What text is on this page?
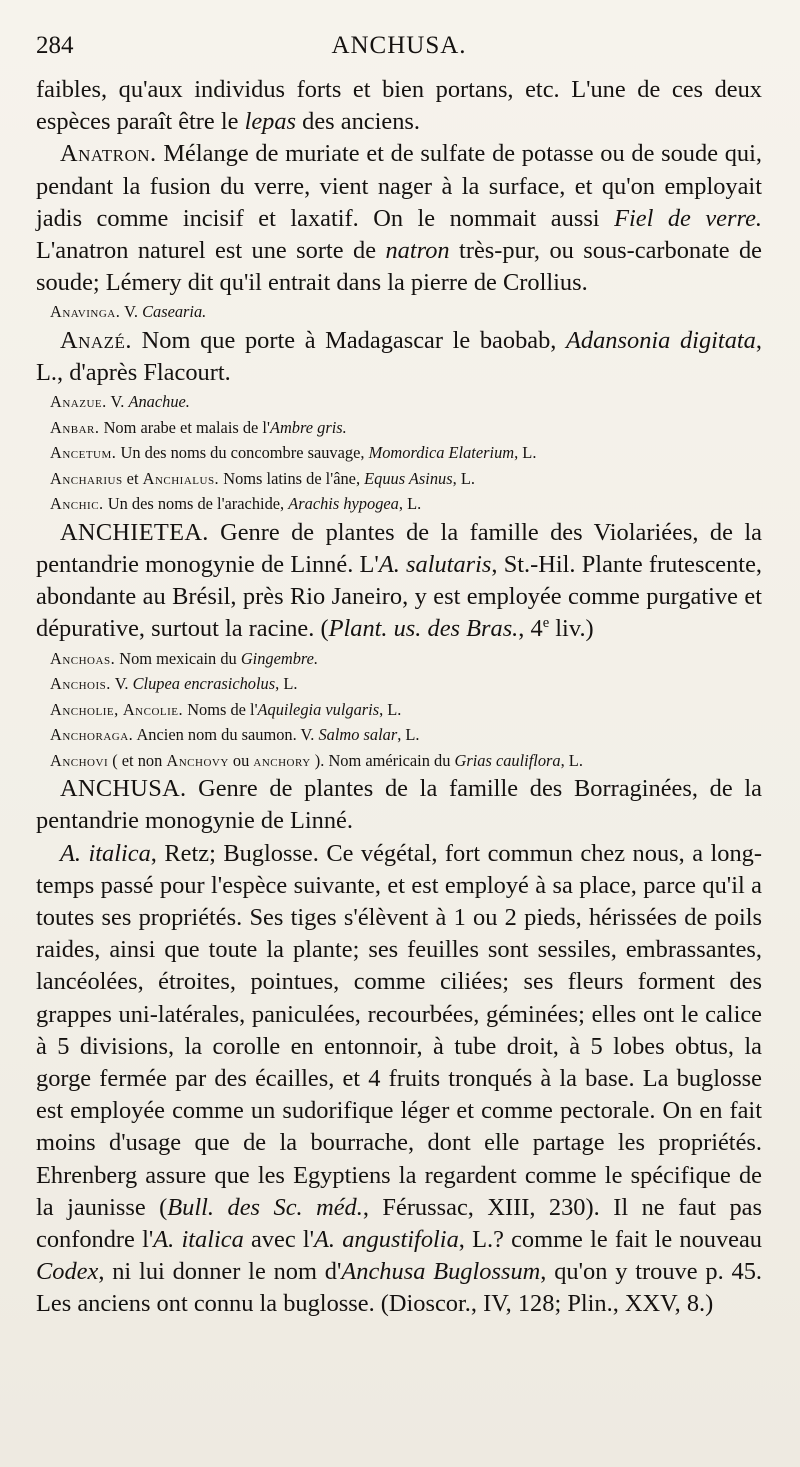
284	ANCHUSA.

faibles, qu'aux individus forts et bien portans, etc. L'une de ces deux espèces paraît être le lepas des anciens.

Anatron. Mélange de muriate et de sulfate de potasse ou de soude qui, pendant la fusion du verre, vient nager à la surface, et qu'on employait jadis comme incisif et laxatif. On le nommait aussi Fiel de verre. L'anatron naturel est une sorte de natron très-pur, ou sous-carbonate de soude; Lémery dit qu'il entrait dans la pierre de Crollius.

Anavinga. V. Casearia.

Anazé. Nom que porte à Madagascar le baobab, Adansonia digitata, L., d'après Flacourt.

Anazue. V. Anachue.

Anbar. Nom arabe et malais de l'Ambre gris.

Ancetum. Un des noms du concombre sauvage, Momordica Elaterium, L.

Ancharius et Anchialus. Noms latins de l'âne, Equus Asinus, L.

Anchic. Un des noms de l'arachide, Arachis hypogea, L.

ANCHIETEA. Genre de plantes de la famille des Violariées, de la pentandrie monogynie de Linné. L'A. salutaris, St.-Hil. Plante frutescente, abondante au Brésil, près Rio Janeiro, y est employée comme purgative et dépurative, surtout la racine. (Plant. us. des Bras., 4e liv.)

Anchoas. Nom mexicain du Gingembre.

Anchois. V. Clupea encrasicholus, L.

Ancholie, Ancolie. Noms de l'Aquilegia vulgaris, L.

Anchoraga. Ancien nom du saumon. V. Salmo salar, L.

Anchovi ( et non Anchovy ou anchory ). Nom américain du Grias cauliflora, L.

ANCHUSA. Genre de plantes de la famille des Borraginées, de la pentandrie monogynie de Linné.

A. italica, Retz; Buglosse. Ce végétal, fort commun chez nous, a long-temps passé pour l'espèce suivante, et est employé à sa place, parce qu'il a toutes ses propriétés. Ses tiges s'élèvent à 1 ou 2 pieds, hérissées de poils raides, ainsi que toute la plante; ses feuilles sont sessiles, embrassantes, lancéolées, étroites, pointues, comme ciliées; ses fleurs forment des grappes uni-latérales, paniculées, recourbées, géminées; elles ont le calice à 5 divisions, la corolle en entonnoir, à tube droit, à 5 lobes obtus, la gorge fermée par des écailles, et 4 fruits tronqués à la base. La buglosse est employée comme un sudorifique léger et comme pectorale. On en fait moins d'usage que de la bourrache, dont elle partage les propriétés. Ehrenberg assure que les Egyptiens la regardent comme le spécifique de la jaunisse (Bull. des Sc. méd., Férussac, XIII, 230). Il ne faut pas confondre l'A. italica avec l'A. angustifolia, L.? comme le fait le nouveau Codex, ni lui donner le nom d'Anchusa Buglossum, qu'on y trouve p. 45. Les anciens ont connu la buglosse. (Dioscor., IV, 128; Plin., XXV, 8.)
